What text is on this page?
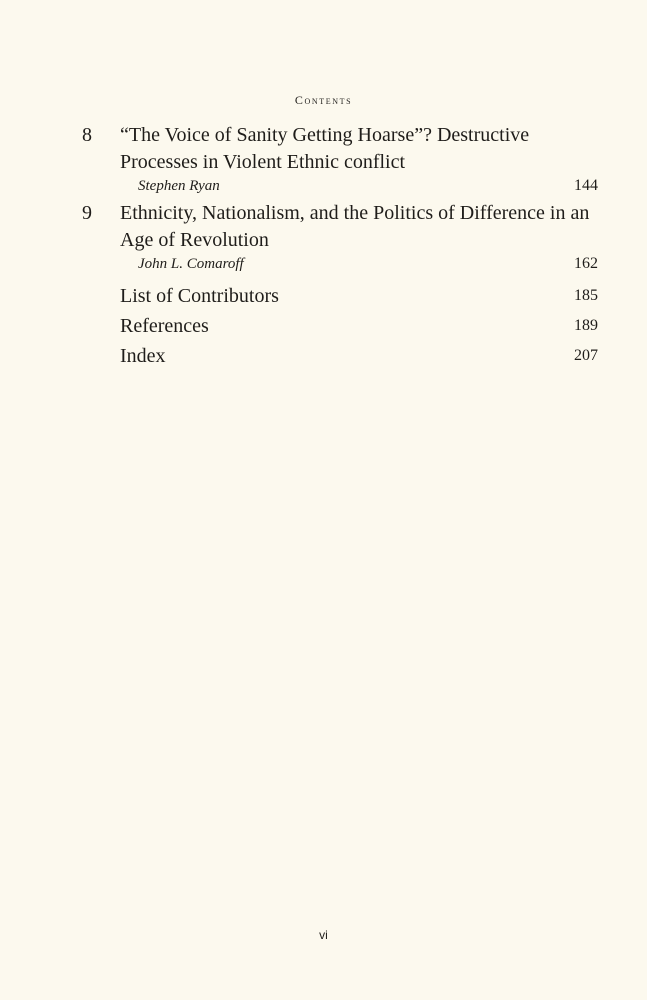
Contents
8 “The Voice of Sanity Getting Hoarse”? Destructive Processes in Violent Ethnic conflict
Stephen Ryan	144
9 Ethnicity, Nationalism, and the Politics of Difference in an Age of Revolution
John L. Comaroff	162
List of Contributors	185
References	189
Index	207
vi
